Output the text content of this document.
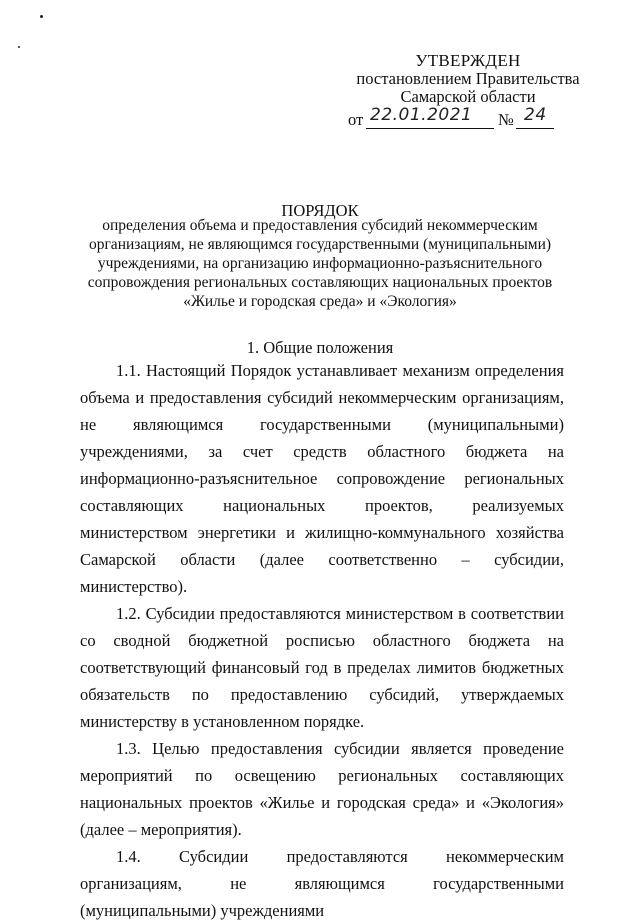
УТВЕРЖДЕН
постановлением Правительства
Самарской области
от 22.01.2021 № 24
ПОРЯДОК
определения объема и предоставления субсидий некоммерческим организациям, не являющимся государственными (муниципальными) учреждениями, на организацию информационно-разъяснительного сопровождения региональных составляющих национальных проектов «Жилье и городская среда» и «Экология»
1. Общие положения

1.1. Настоящий Порядок устанавливает механизм определения объема и предоставления субсидий некоммерческим организациям, не являющимся государственными (муниципальными) учреждениями, за счет средств областного бюджета на информационно-разъяснительное сопровождение региональных составляющих национальных проектов, реализуемых министерством энергетики и жилищно-коммунального хозяйства Самарской области (далее соответственно – субсидии, министерство).

1.2. Субсидии предоставляются министерством в соответствии со сводной бюджетной росписью областного бюджета на соответствующий финансовый год в пределах лимитов бюджетных обязательств по предоставлению субсидий, утверждаемых министерству в установленном порядке.

1.3. Целью предоставления субсидии является проведение мероприятий по освещению региональных составляющих национальных проектов «Жилье и городская среда» и «Экология» (далее – мероприятия).

1.4. Субсидии предоставляются некоммерческим организациям, не являющимся государственными (муниципальными) учреждениями
